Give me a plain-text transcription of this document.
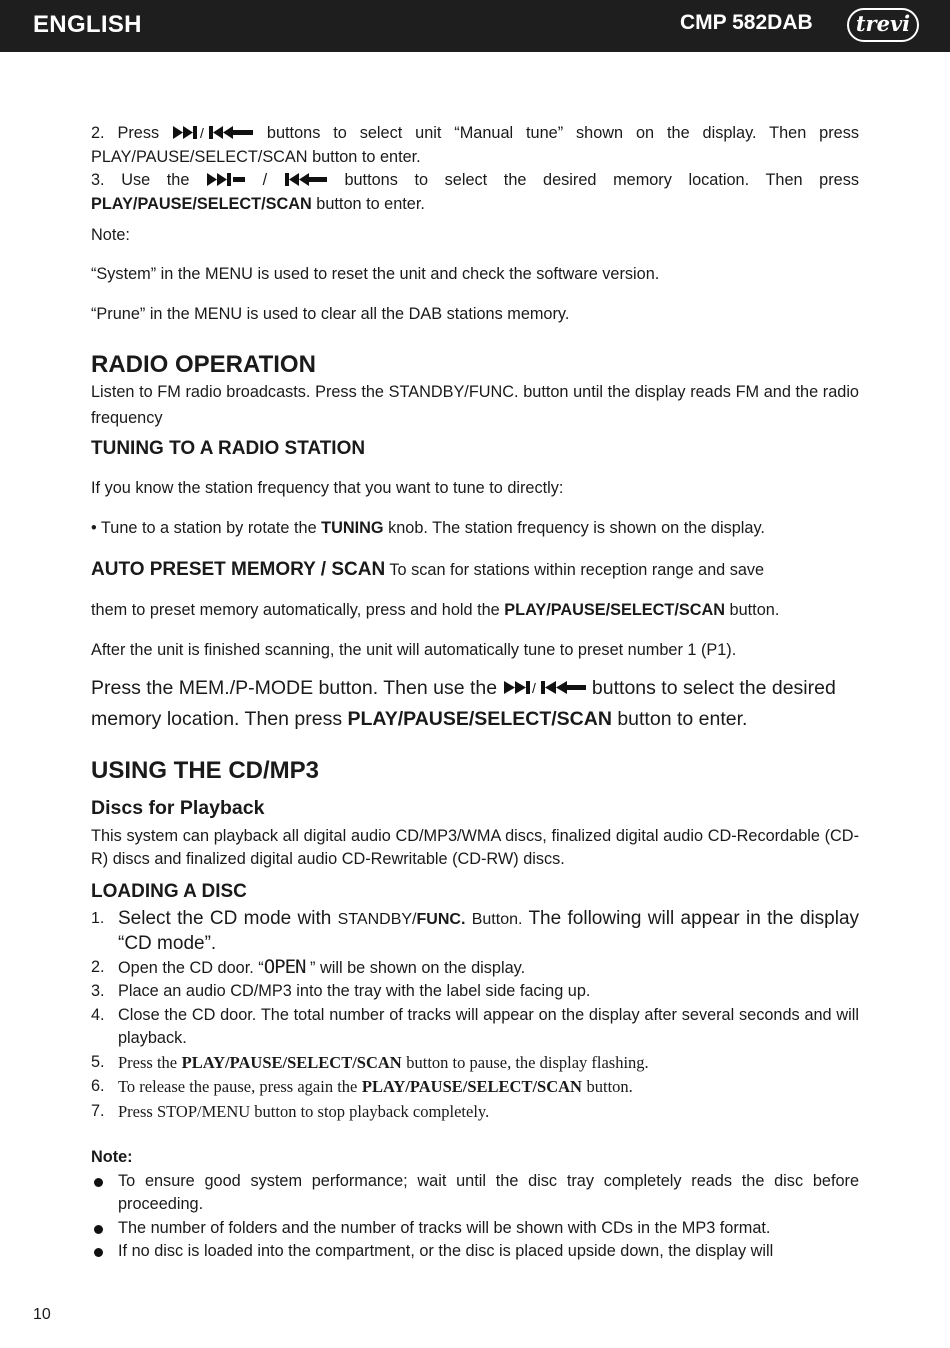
ENGLISH	CMP 582DAB	trevi

2. Press	/	buttons to select unit “Manual tune” shown on the display. Then press

PLAY/PAUSE/SELECT/SCAN button to enter.

3. Use the	/	buttons to select the desired memory location. Then press

PLAY/PAUSE/SELECT/SCAN button to enter.

Note:

“System” in the MENU is used to reset the unit and check the software version.

“Prune” in the MENU is used to clear all the DAB stations memory.

RADIO OPERATION

Listen to FM radio broadcasts. Press the STANDBY/FUNC. button until the display reads FM and the radio frequency

TUNING TO A RADIO STATION

If you know the station frequency that you want to tune to directly:

• Tune to a station by rotate the TUNING knob. The station frequency is shown on the display.

AUTO PRESET MEMORY / SCAN To scan for stations within reception range and save

them to preset memory automatically, press and hold the PLAY/PAUSE/SELECT/SCAN button.

After the unit is finished scanning, the unit will automatically tune to preset number 1 (P1).

Press the MEM./P-MODE button. Then use the /	buttons to select the desired

memory location. Then press PLAY/PAUSE/SELECT/SCAN button to enter.

USING THE CD/MP3
Discs for Playback

This system can playback all digital audio CD/MP3/WMA discs, finalized digital audio CD-Recordable (CD-R) discs and finalized digital audio CD-Rewritable (CD-RW) discs.

LOADING A DISC
1. Select the CD mode with STANDBY/FUNC. Button. The following will appear in the display “CD mode”.
2. Open the CD door. “OPEN ” will be shown on the display.
3. Place an audio CD/MP3 into the tray with the label side facing up.
4. Close the CD door. The total number of tracks will appear on the display after several seconds and will playback.
5. Press the PLAY/PAUSE/SELECT/SCAN button to pause, the display flashing.
6. To release the pause, press again the PLAY/PAUSE/SELECT/SCAN button.
7. Press STOP/MENU button to stop playback completely.

Note:

To ensure good system performance; wait until the disc tray completely reads the disc before proceeding.
The number of folders and the number of tracks will be shown with CDs in the MP3 format.
If no disc is loaded into the compartment, or the disc is placed upside down, the display will
10
